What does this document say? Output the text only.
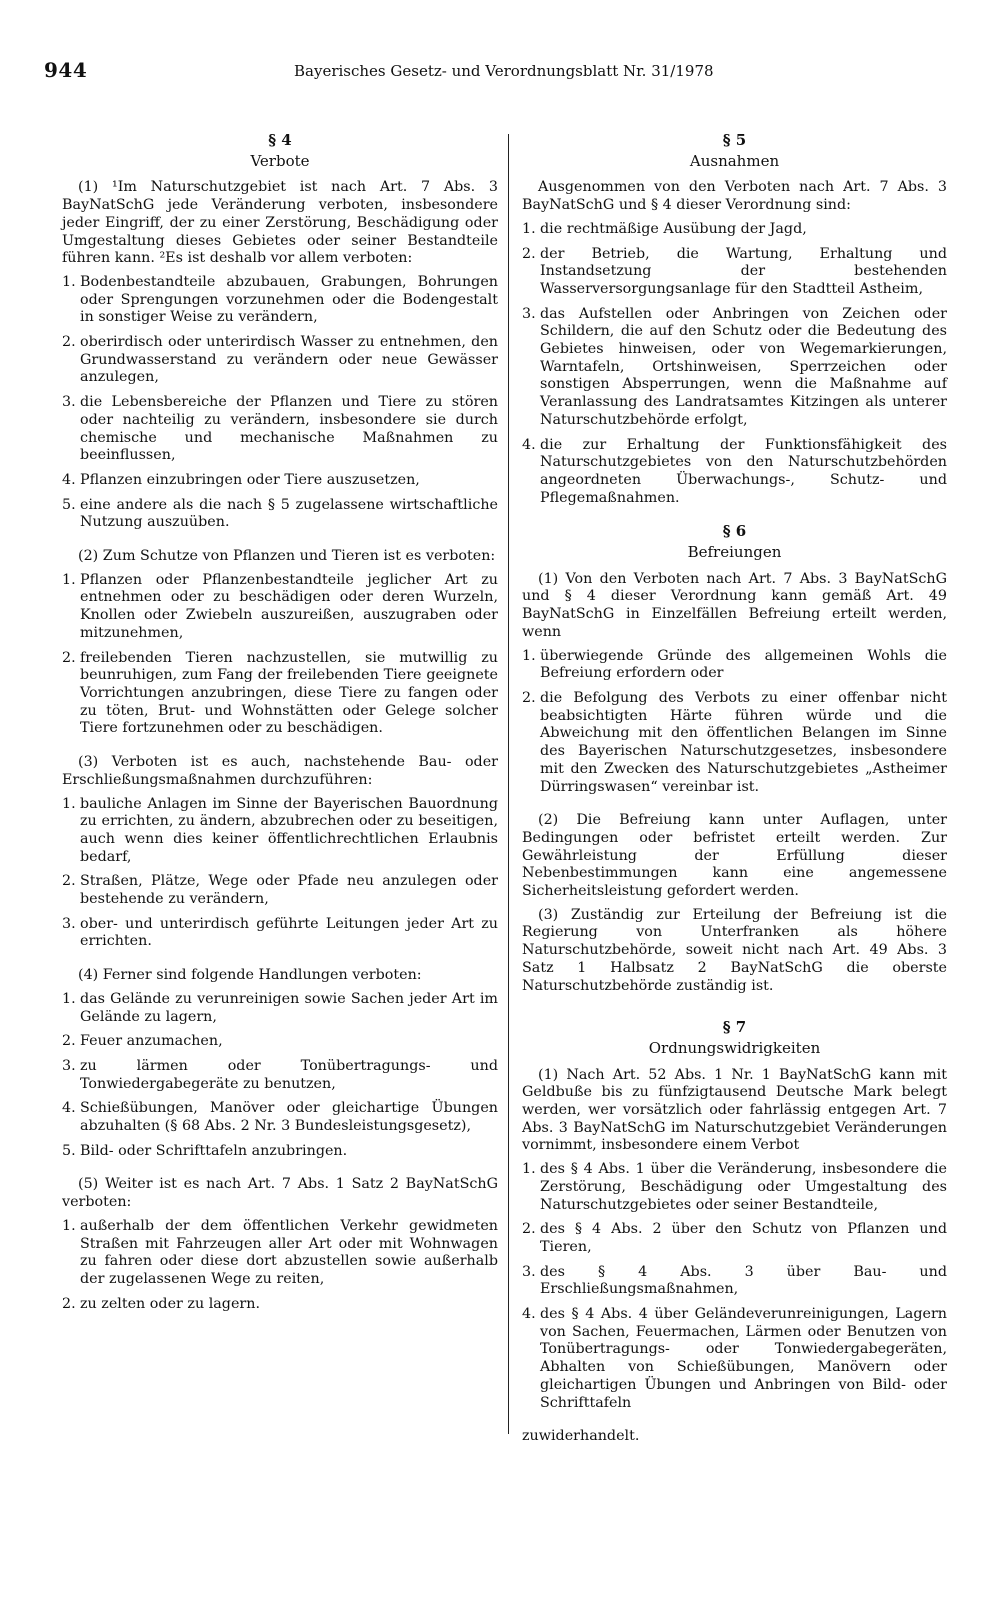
944	Bayerisches Gesetz- und Verordnungsblatt Nr. 31/1978
§ 4
Verbote

(1) ¹Im Naturschutzgebiet ist nach Art. 7 Abs. 3 BayNatSchG jede Veränderung verboten, insbesondere jeder Eingriff, der zu einer Zerstörung, Beschädigung oder Umgestaltung dieses Gebietes oder seiner Bestandteile führen kann. ²Es ist deshalb vor allem verboten:

1. Bodenbestandteile abzubauen, Grabungen, Bohrungen oder Sprengungen vorzunehmen oder die Bodengestalt in sonstiger Weise zu verändern,
2. oberirdisch oder unterirdisch Wasser zu entnehmen, den Grundwasserstand zu verändern oder neue Gewässer anzulegen,
3. die Lebensbereiche der Pflanzen und Tiere zu stören oder nachteilig zu verändern, insbesondere sie durch chemische und mechanische Maßnahmen zu beeinflussen,
4. Pflanzen einzubringen oder Tiere auszusetzen,
5. eine andere als die nach § 5 zugelassene wirtschaftliche Nutzung auszuüben.

(2) Zum Schutze von Pflanzen und Tieren ist es verboten:

1. Pflanzen oder Pflanzenbestandteile jeglicher Art zu entnehmen oder zu beschädigen oder deren Wurzeln, Knollen oder Zwiebeln auszureißen, auszugraben oder mitzunehmen,
2. freilebenden Tieren nachzustellen, sie mutwillig zu beunruhigen, zum Fang der freilebenden Tiere geeignete Vorrichtungen anzubringen, diese Tiere zu fangen oder zu töten, Brut- und Wohnstätten oder Gelege solcher Tiere fortzunehmen oder zu beschädigen.

(3) Verboten ist es auch, nachstehende Bau- oder Erschließungsmaßnahmen durchzuführen:

1. bauliche Anlagen im Sinne der Bayerischen Bauordnung zu errichten, zu ändern, abzubrechen oder zu beseitigen, auch wenn dies keiner öffentlichrechtlichen Erlaubnis bedarf,
2. Straßen, Plätze, Wege oder Pfade neu anzulegen oder bestehende zu verändern,
3. ober- und unterirdisch geführte Leitungen jeder Art zu errichten.

(4) Ferner sind folgende Handlungen verboten:

1. das Gelände zu verunreinigen sowie Sachen jeder Art im Gelände zu lagern,
2. Feuer anzumachen,
3. zu lärmen oder Tonübertragungs- und Tonwiedergabegeräte zu benutzen,
4. Schießübungen, Manöver oder gleichartige Übungen abzuhalten (§ 68 Abs. 2 Nr. 3 Bundesleistungsgesetz),
5. Bild- oder Schrifttafeln anzubringen.

(5) Weiter ist es nach Art. 7 Abs. 1 Satz 2 BayNatSchG verboten:

1. außerhalb der dem öffentlichen Verkehr gewidmeten Straßen mit Fahrzeugen aller Art oder mit Wohnwagen zu fahren oder diese dort abzustellen sowie außerhalb der zugelassenen Wege zu reiten,
2. zu zelten oder zu lagern.
§ 5
Ausnahmen

Ausgenommen von den Verboten nach Art. 7 Abs. 3 BayNatSchG und § 4 dieser Verordnung sind:

1. die rechtmäßige Ausübung der Jagd,
2. der Betrieb, die Wartung, Erhaltung und Instandsetzung der bestehenden Wasserversorgungsanlage für den Stadtteil Astheim,
3. das Aufstellen oder Anbringen von Zeichen oder Schildern, die auf den Schutz oder die Bedeutung des Gebietes hinweisen, oder von Wegemarkierungen, Warntafeln, Ortshinweisen, Sperrzeichen oder sonstigen Absperrungen, wenn die Maßnahme auf Veranlassung des Landratsamtes Kitzingen als unterer Naturschutzbehörde erfolgt,
4. die zur Erhaltung der Funktionsfähigkeit des Naturschutzgebietes von den Naturschutzbehörden angeordneten Überwachungs-, Schutz- und Pflegemaßnahmen.
§ 6
Befreiungen

(1) Von den Verboten nach Art. 7 Abs. 3 BayNatSchG und § 4 dieser Verordnung kann gemäß Art. 49 BayNatSchG in Einzelfällen Befreiung erteilt werden, wenn

1. überwiegende Gründe des allgemeinen Wohls die Befreiung erfordern oder
2. die Befolgung des Verbots zu einer offenbar nicht beabsichtigten Härte führen würde und die Abweichung mit den öffentlichen Belangen im Sinne des Bayerischen Naturschutzgesetzes, insbesondere mit den Zwecken des Naturschutzgebietes „Astheimer Dürringswasen“ vereinbar ist.

(2) Die Befreiung kann unter Auflagen, unter Bedingungen oder befristet erteilt werden. Zur Gewährleistung der Erfüllung dieser Nebenbestimmungen kann eine angemessene Sicherheitsleistung gefordert werden.

(3) Zuständig zur Erteilung der Befreiung ist die Regierung von Unterfranken als höhere Naturschutzbehörde, soweit nicht nach Art. 49 Abs. 3 Satz 1 Halbsatz 2 BayNatSchG die oberste Naturschutzbehörde zuständig ist.

§ 7
Ordnungswidrigkeiten

(1) Nach Art. 52 Abs. 1 Nr. 1 BayNatSchG kann mit Geldbuße bis zu fünfzigtausend Deutsche Mark belegt werden, wer vorsätzlich oder fahrlässig entgegen Art. 7 Abs. 3 BayNatSchG im Naturschutzgebiet Veränderungen vornimmt, insbesondere einem Verbot

1. des § 4 Abs. 1 über die Veränderung, insbesondere die Zerstörung, Beschädigung oder Umgestaltung des Naturschutzgebietes oder seiner Bestandteile,
2. des § 4 Abs. 2 über den Schutz von Pflanzen und Tieren,
3. des § 4 Abs. 3 über Bau- und Erschließungsmaßnahmen,
4. des § 4 Abs. 4 über Geländeverunreinigungen, Lagern von Sachen, Feuermachen, Lärmen oder Benutzen von Tonübertragungs- oder Tonwiedergabegeräten, Abhalten von Schießübungen, Manövern oder gleichartigen Übungen und Anbringen von Bild- oder Schrifttafeln

zuwiderhandelt.
